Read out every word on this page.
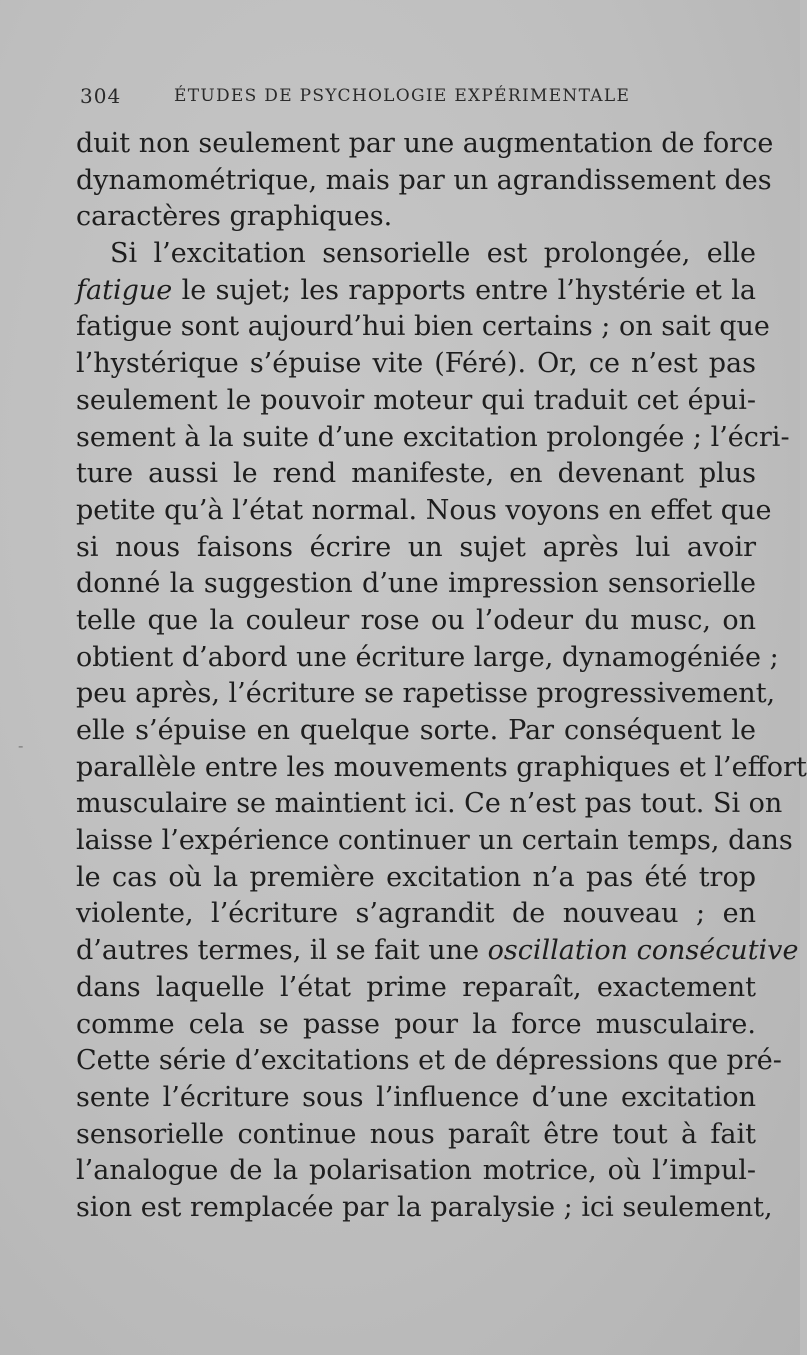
304	ÉTUDES DE PSYCHOLOGIE EXPÉRIMENTALE
-
duit non seulement par une augmentation de force
dynamométrique, mais par un agrandissement des
caractères graphiques.
Si l’excitation sensorielle est prolongée, elle
fatigue le sujet; les rapports entre l’hystérie et la
fatigue sont aujourd’hui bien certains ; on sait que
l’hystérique s’épuise vite (Féré). Or, ce n’est pas
seulement le pouvoir moteur qui traduit cet épui-
sement à la suite d’une excitation prolongée ; l’écri-
ture aussi le rend manifeste, en devenant plus
petite qu’à l’état normal. Nous voyons en effet que
si nous faisons écrire un sujet après lui avoir
donné la suggestion d’une impression sensorielle
telle que la couleur rose ou l’odeur du musc, on
obtient d’abord une écriture large, dynamogéniée ;
peu après, l’écriture se rapetisse progressivement,
elle s’épuise en quelque sorte. Par conséquent le
parallèle entre les mouvements graphiques et l’effort
musculaire se maintient ici. Ce n’est pas tout. Si on
laisse l’expérience continuer un certain temps, dans
le cas où la première excitation n’a pas été trop
violente, l’écriture s’agrandit de nouveau ; en
d’autres termes, il se fait une oscillation consécutive
dans laquelle l’état prime reparaît, exactement
comme cela se passe pour la force musculaire.
Cette série d’excitations et de dépressions que pré-
sente l’écriture sous l’influence d’une excitation
sensorielle continue nous paraît être tout à fait
l’analogue de la polarisation motrice, où l’impul-
sion est remplacée par la paralysie ; ici seulement,
